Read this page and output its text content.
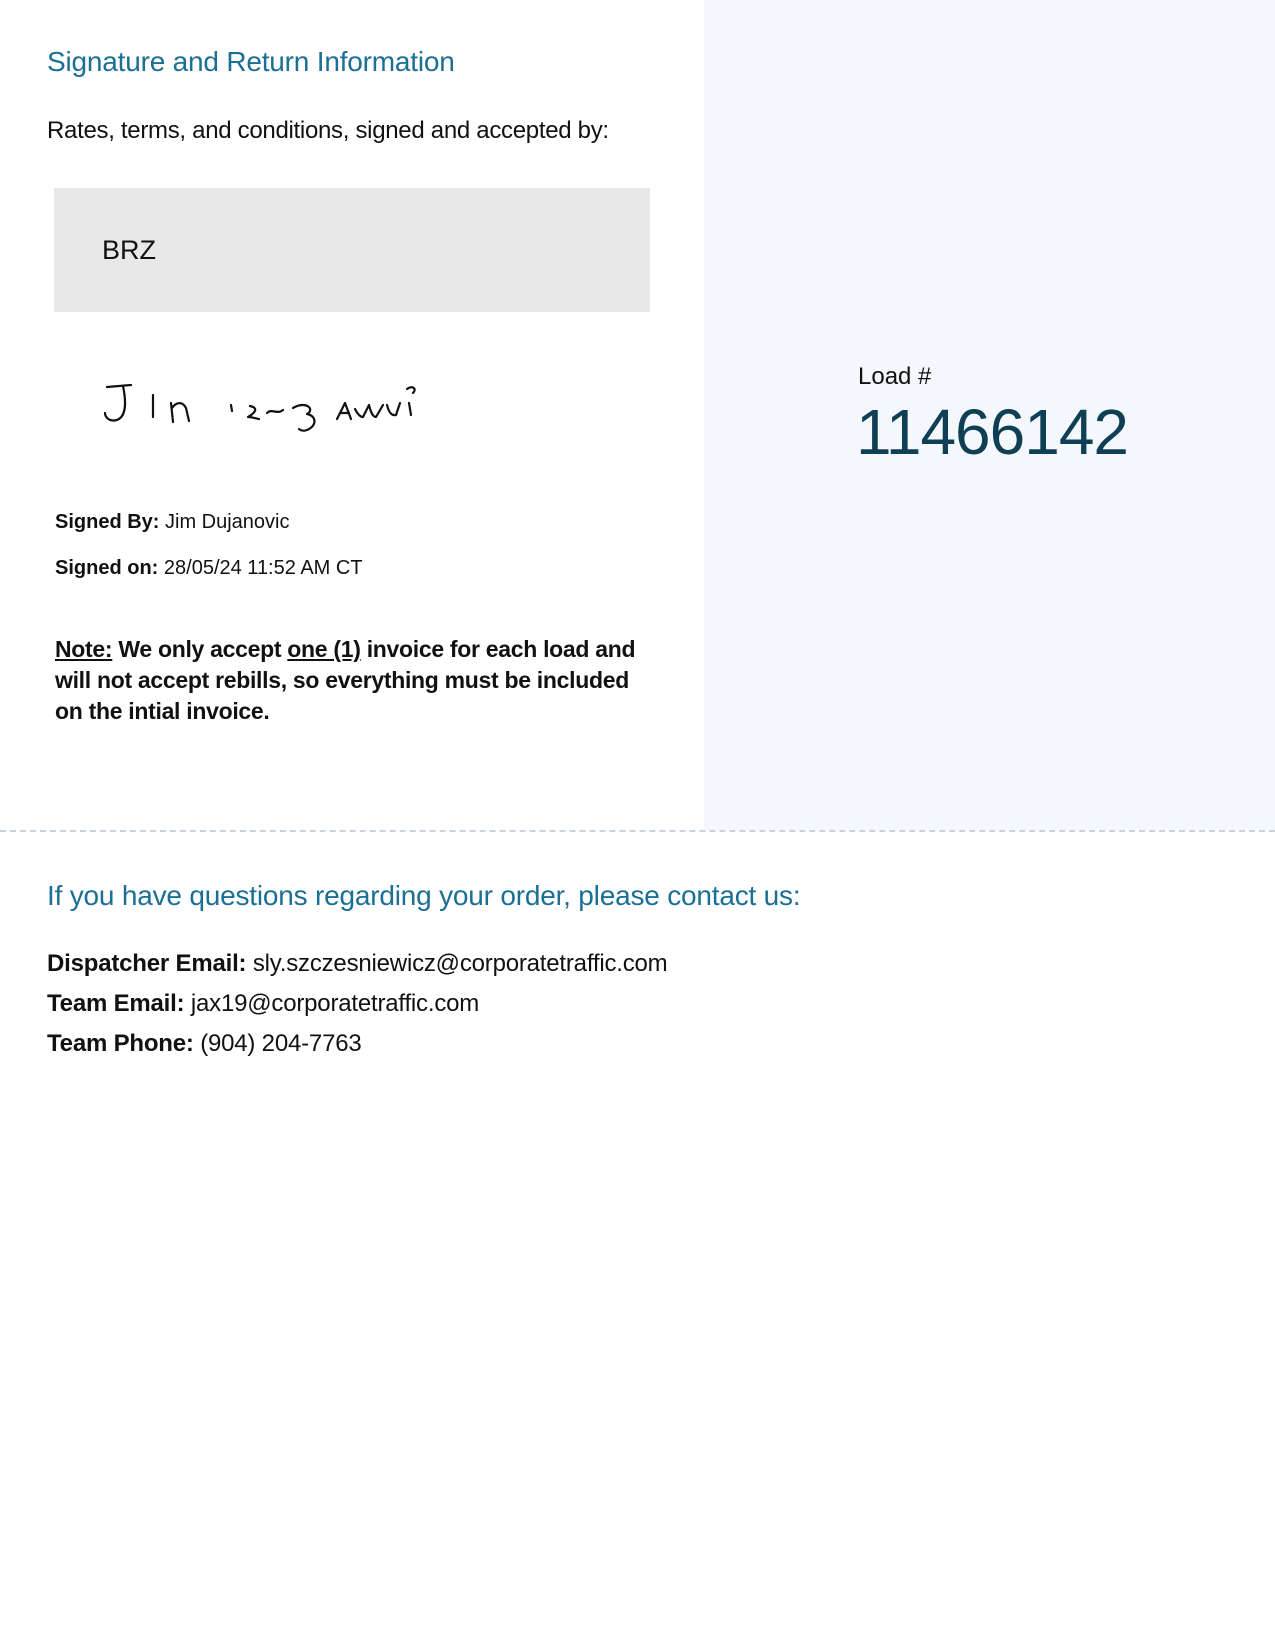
Signature and Return Information
Rates, terms, and conditions, signed and accepted by:
BRZ
Signed By: Jim Dujanovic
Signed on: 28/05/24 11:52 AM CT
Note: We only accept one (1) invoice for each load and will not accept rebills, so everything must be included on the intial invoice.
Load #
11466142
If you have questions regarding your order, please contact us:
Dispatcher Email: sly.szczesniewicz@corporatetraffic.com
Team Email: jax19@corporatetraffic.com
Team Phone: (904) 204-7763
